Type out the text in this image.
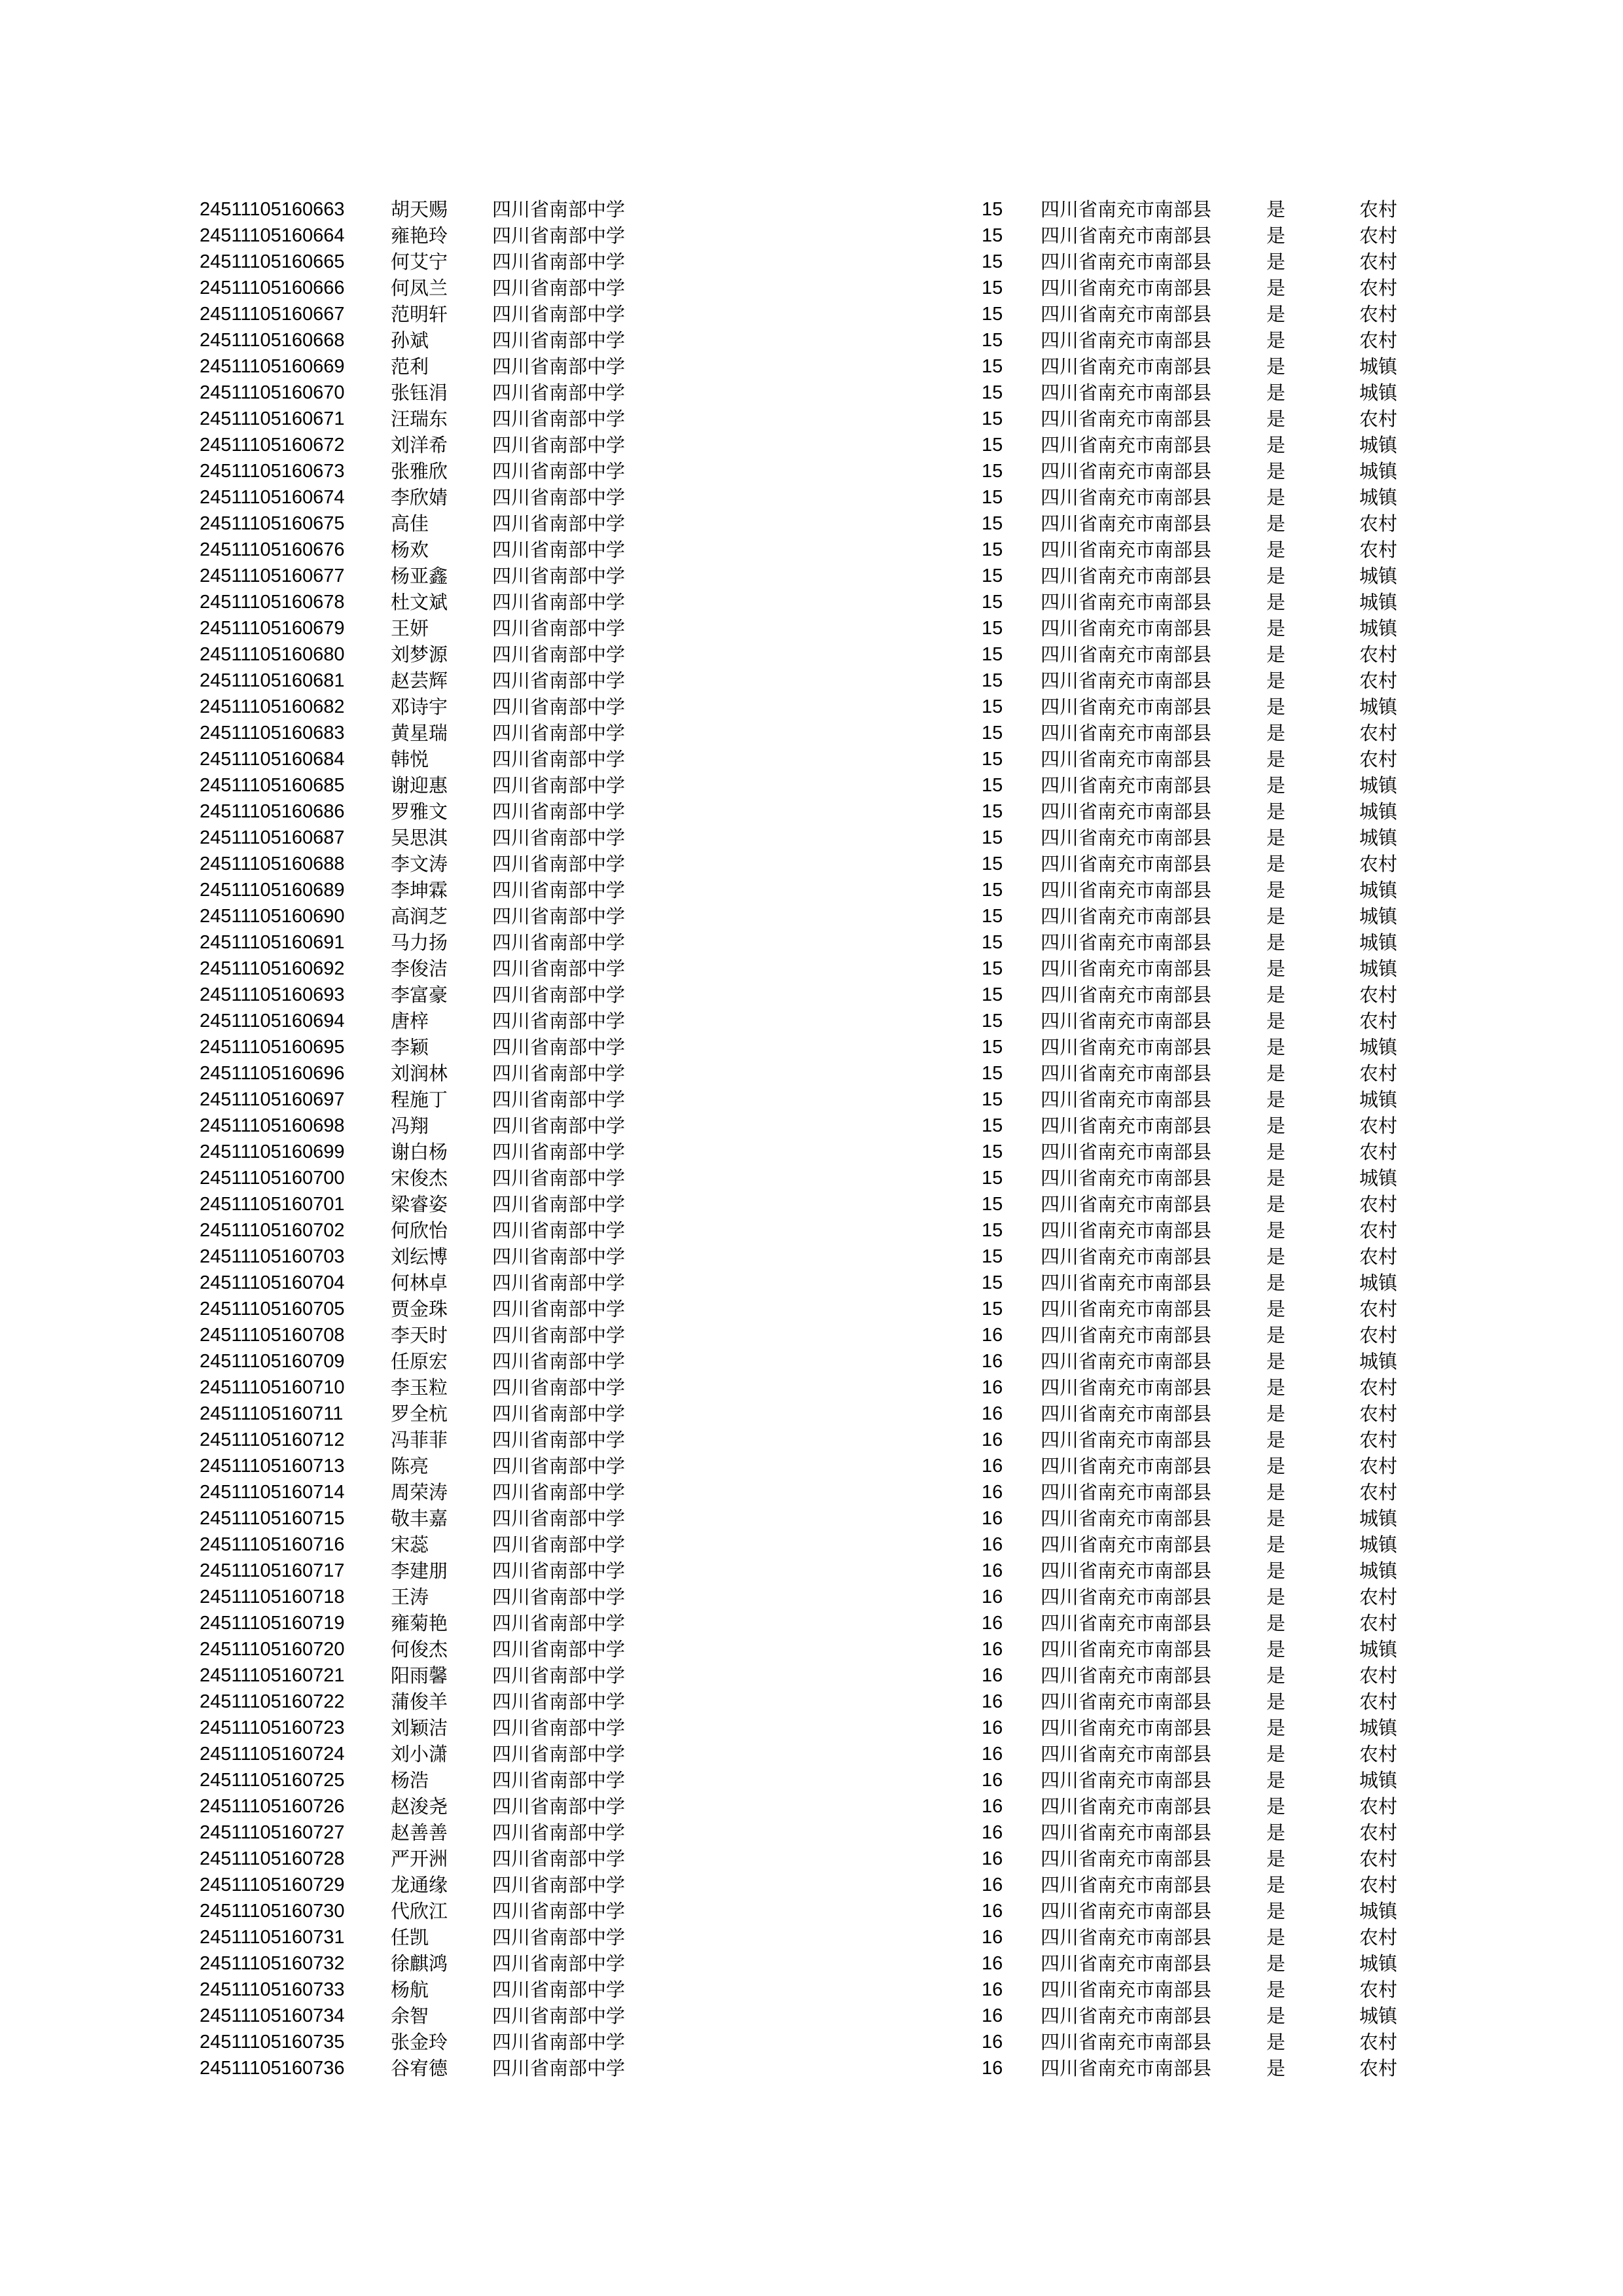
24511105160663 胡天赐 四川省南部中学	15 四川省南充市南部县	是	农村
24511105160664 雍艳玲 四川省南部中学	15 四川省南充市南部县	是	农村
24511105160665 何艾宁 四川省南部中学	15 四川省南充市南部县	是	农村
24511105160666 何凤兰 四川省南部中学	15 四川省南充市南部县	是	农村
24511105160667 范明轩 四川省南部中学	15 四川省南充市南部县	是	农村
24511105160668 孙斌	四川省南部中学	15 四川省南充市南部县	是	农村
24511105160669 范利	四川省南部中学	15 四川省南充市南部县	是	城镇
24511105160670 张钰涓 四川省南部中学	15 四川省南充市南部县	是	城镇
24511105160671 汪瑞东 四川省南部中学	15 四川省南充市南部县	是	农村
24511105160672 刘洋希 四川省南部中学	15 四川省南充市南部县	是	城镇
24511105160673 张雅欣 四川省南部中学	15 四川省南充市南部县	是	城镇
24511105160674 李欣婧 四川省南部中学	15 四川省南充市南部县	是	城镇
24511105160675 高佳	四川省南部中学	15 四川省南充市南部县	是	农村
24511105160676 杨欢	四川省南部中学	15 四川省南充市南部县	是	农村
24511105160677 杨亚鑫 四川省南部中学	15 四川省南充市南部县	是	城镇
24511105160678 杜文斌 四川省南部中学	15 四川省南充市南部县	是	城镇
24511105160679 王妍	四川省南部中学	15 四川省南充市南部县	是	城镇
24511105160680 刘梦源 四川省南部中学	15 四川省南充市南部县	是	农村
24511105160681 赵芸辉 四川省南部中学	15 四川省南充市南部县	是	农村
24511105160682 邓诗宇 四川省南部中学	15 四川省南充市南部县	是	城镇
24511105160683 黄星瑞 四川省南部中学	15 四川省南充市南部县	是	农村
24511105160684 韩悦	四川省南部中学	15 四川省南充市南部县	是	农村
24511105160685 谢迎惠 四川省南部中学	15 四川省南充市南部县	是	城镇
24511105160686 罗雅文 四川省南部中学	15 四川省南充市南部县	是	城镇
24511105160687 吴思淇 四川省南部中学	15 四川省南充市南部县	是	城镇
24511105160688 李文涛 四川省南部中学	15 四川省南充市南部县	是	农村
24511105160689 李坤霖 四川省南部中学	15 四川省南充市南部县	是	城镇
24511105160690 高润芝 四川省南部中学	15 四川省南充市南部县	是	城镇
24511105160691 马力扬 四川省南部中学	15 四川省南充市南部县	是	城镇
24511105160692 李俊洁 四川省南部中学	15 四川省南充市南部县	是	城镇
24511105160693 李富豪 四川省南部中学	15 四川省南充市南部县	是	农村
24511105160694 唐梓	四川省南部中学	15 四川省南充市南部县	是	农村
24511105160695 李颖	四川省南部中学	15 四川省南充市南部县	是	城镇
24511105160696 刘润林 四川省南部中学	15 四川省南充市南部县	是	农村
24511105160697 程施丁 四川省南部中学	15 四川省南充市南部县	是	城镇
24511105160698 冯翔	四川省南部中学	15 四川省南充市南部县	是	农村
24511105160699 谢白杨 四川省南部中学	15 四川省南充市南部县	是	农村
24511105160700 宋俊杰 四川省南部中学	15 四川省南充市南部县	是	城镇
24511105160701 梁睿姿 四川省南部中学	15 四川省南充市南部县	是	农村
24511105160702 何欣怡 四川省南部中学	15 四川省南充市南部县	是	农村
24511105160703 刘纭博 四川省南部中学	15 四川省南充市南部县	是	农村
24511105160704 何林卓 四川省南部中学	15 四川省南充市南部县	是	城镇
24511105160705 贾金珠 四川省南部中学	15 四川省南充市南部县	是	农村
24511105160708 李天时 四川省南部中学	16 四川省南充市南部县	是	农村
24511105160709 任原宏 四川省南部中学	16 四川省南充市南部县	是	城镇
24511105160710 李玉粒 四川省南部中学	16 四川省南充市南部县	是	农村
24511105160711	罗全杭 四川省南部中学	16 四川省南充市南部县	是	农村
24511105160712 冯菲菲 四川省南部中学	16 四川省南充市南部县	是	农村
24511105160713 陈亮	四川省南部中学	16 四川省南充市南部县	是	农村
24511105160714 周荣涛 四川省南部中学	16 四川省南充市南部县	是	农村
24511105160715 敬丰嘉 四川省南部中学	16 四川省南充市南部县	是	城镇
24511105160716 宋蕊	四川省南部中学	16 四川省南充市南部县	是	城镇
24511105160717 李建朋 四川省南部中学	16 四川省南充市南部县	是	城镇
24511105160718 王涛	四川省南部中学	16 四川省南充市南部县	是	农村
24511105160719 雍菊艳 四川省南部中学	16 四川省南充市南部县	是	农村
24511105160720 何俊杰 四川省南部中学	16 四川省南充市南部县	是	城镇
24511105160721 阳雨馨 四川省南部中学	16 四川省南充市南部县	是	农村
24511105160722 蒲俊羊 四川省南部中学	16 四川省南充市南部县	是	农村
24511105160723 刘颖洁 四川省南部中学	16 四川省南充市南部县	是	城镇
24511105160724 刘小潇 四川省南部中学	16 四川省南充市南部县	是	农村
24511105160725 杨浩	四川省南部中学	16 四川省南充市南部县	是	城镇
24511105160726 赵浚尧 四川省南部中学	16 四川省南充市南部县	是	农村
24511105160727 赵善善 四川省南部中学	16 四川省南充市南部县	是	农村
24511105160728 严开洲 四川省南部中学	16 四川省南充市南部县	是	农村
24511105160729 龙通缘 四川省南部中学	16 四川省南充市南部县	是	农村
24511105160730 代欣江 四川省南部中学	16 四川省南充市南部县	是	城镇
24511105160731 任凯	四川省南部中学	16 四川省南充市南部县	是	农村
24511105160732 徐麒鸿 四川省南部中学	16 四川省南充市南部县	是	城镇
24511105160733 杨航	四川省南部中学	16 四川省南充市南部县	是	农村
24511105160734 余智	四川省南部中学	16 四川省南充市南部县	是	城镇
24511105160735 张金玲 四川省南部中学	16 四川省南充市南部县	是	农村
24511105160736 谷宥德 四川省南部中学	16 四川省南充市南部县	是	农村
